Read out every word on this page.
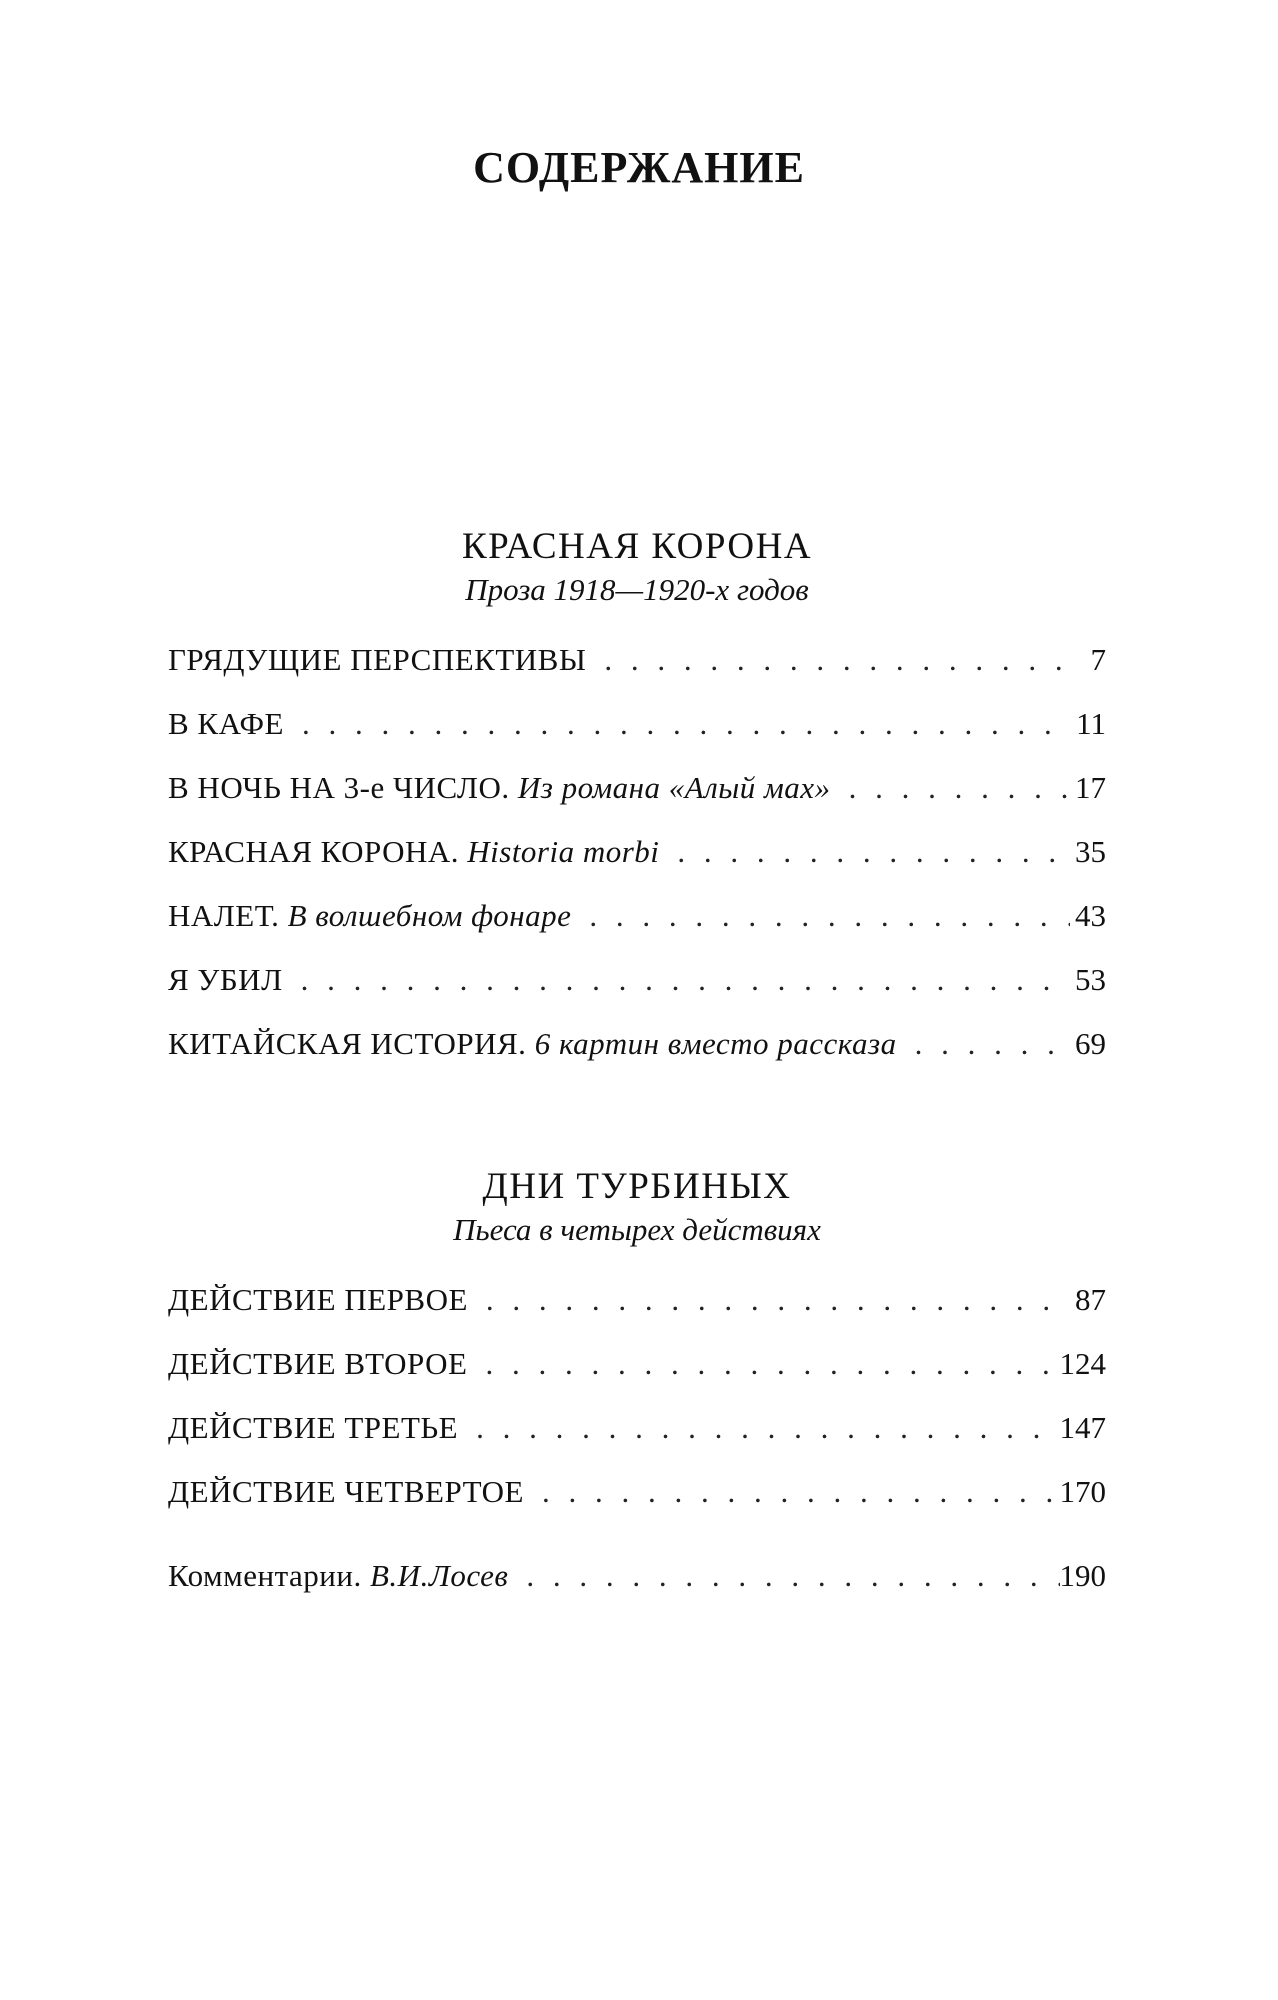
СОДЕРЖАНИЕ
КРАСНАЯ КОРОНА
Проза 1918—1920-х годов
ГРЯДУЩИЕ ПЕРСПЕКТИВЫ . . .	7
В КАФЕ . . .	11
В НОЧЬ НА 3-е ЧИСЛО. Из романа «Алый мах» . . .	17
КРАСНАЯ КОРОНА. Historia morbi . . .	35
НАЛЕТ. В волшебном фонаре . . .	43
Я УБИЛ . . .	53
КИТАЙСКАЯ ИСТОРИЯ. 6 картин вместо рассказа . . .	69
ДНИ ТУРБИНЫХ
Пьеса в четырех действиях
ДЕЙСТВИЕ ПЕРВОЕ . . .	87
ДЕЙСТВИЕ ВТОРОЕ . . .	124
ДЕЙСТВИЕ ТРЕТЬЕ . . .	147
ДЕЙСТВИЕ ЧЕТВЕРТОЕ . . .	170
Комментарии. В.И.Лосев . . .	190
